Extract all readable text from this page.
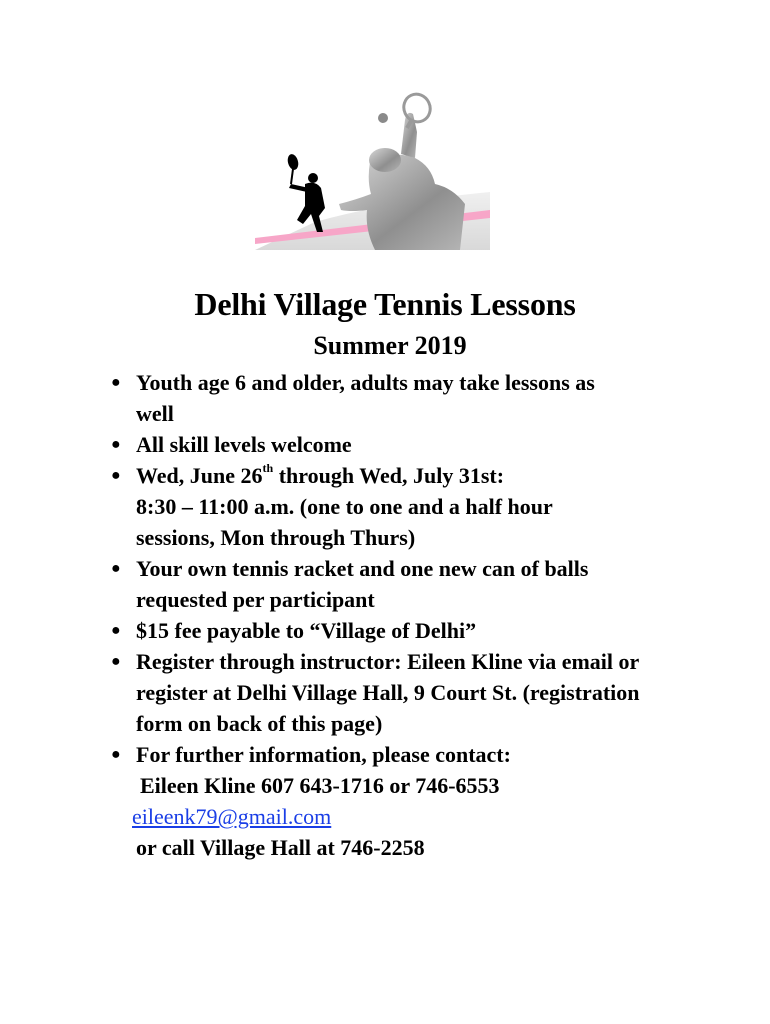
Delhi Village Tennis Lessons
Summer 2019
● Youth age 6 and older, adults may take lessons as
well
● All skill levels welcome
● Wed, June 26th through Wed, July 31st:
8:30 – 11:00 a.m. (one to one and a half hour
sessions, Mon through Thurs)
● Your own tennis racket and one new can of balls
requested per participant
● $15 fee payable to “Village of Delhi”
● Register through instructor: Eileen Kline via email or
register at Delhi Village Hall, 9 Court St. (registration
form on back of this page)
● For further information, please contact:
Eileen Kline 607 643-1716 or 746-6553
eileenk79@gmail.com
or call Village Hall at 746-2258
